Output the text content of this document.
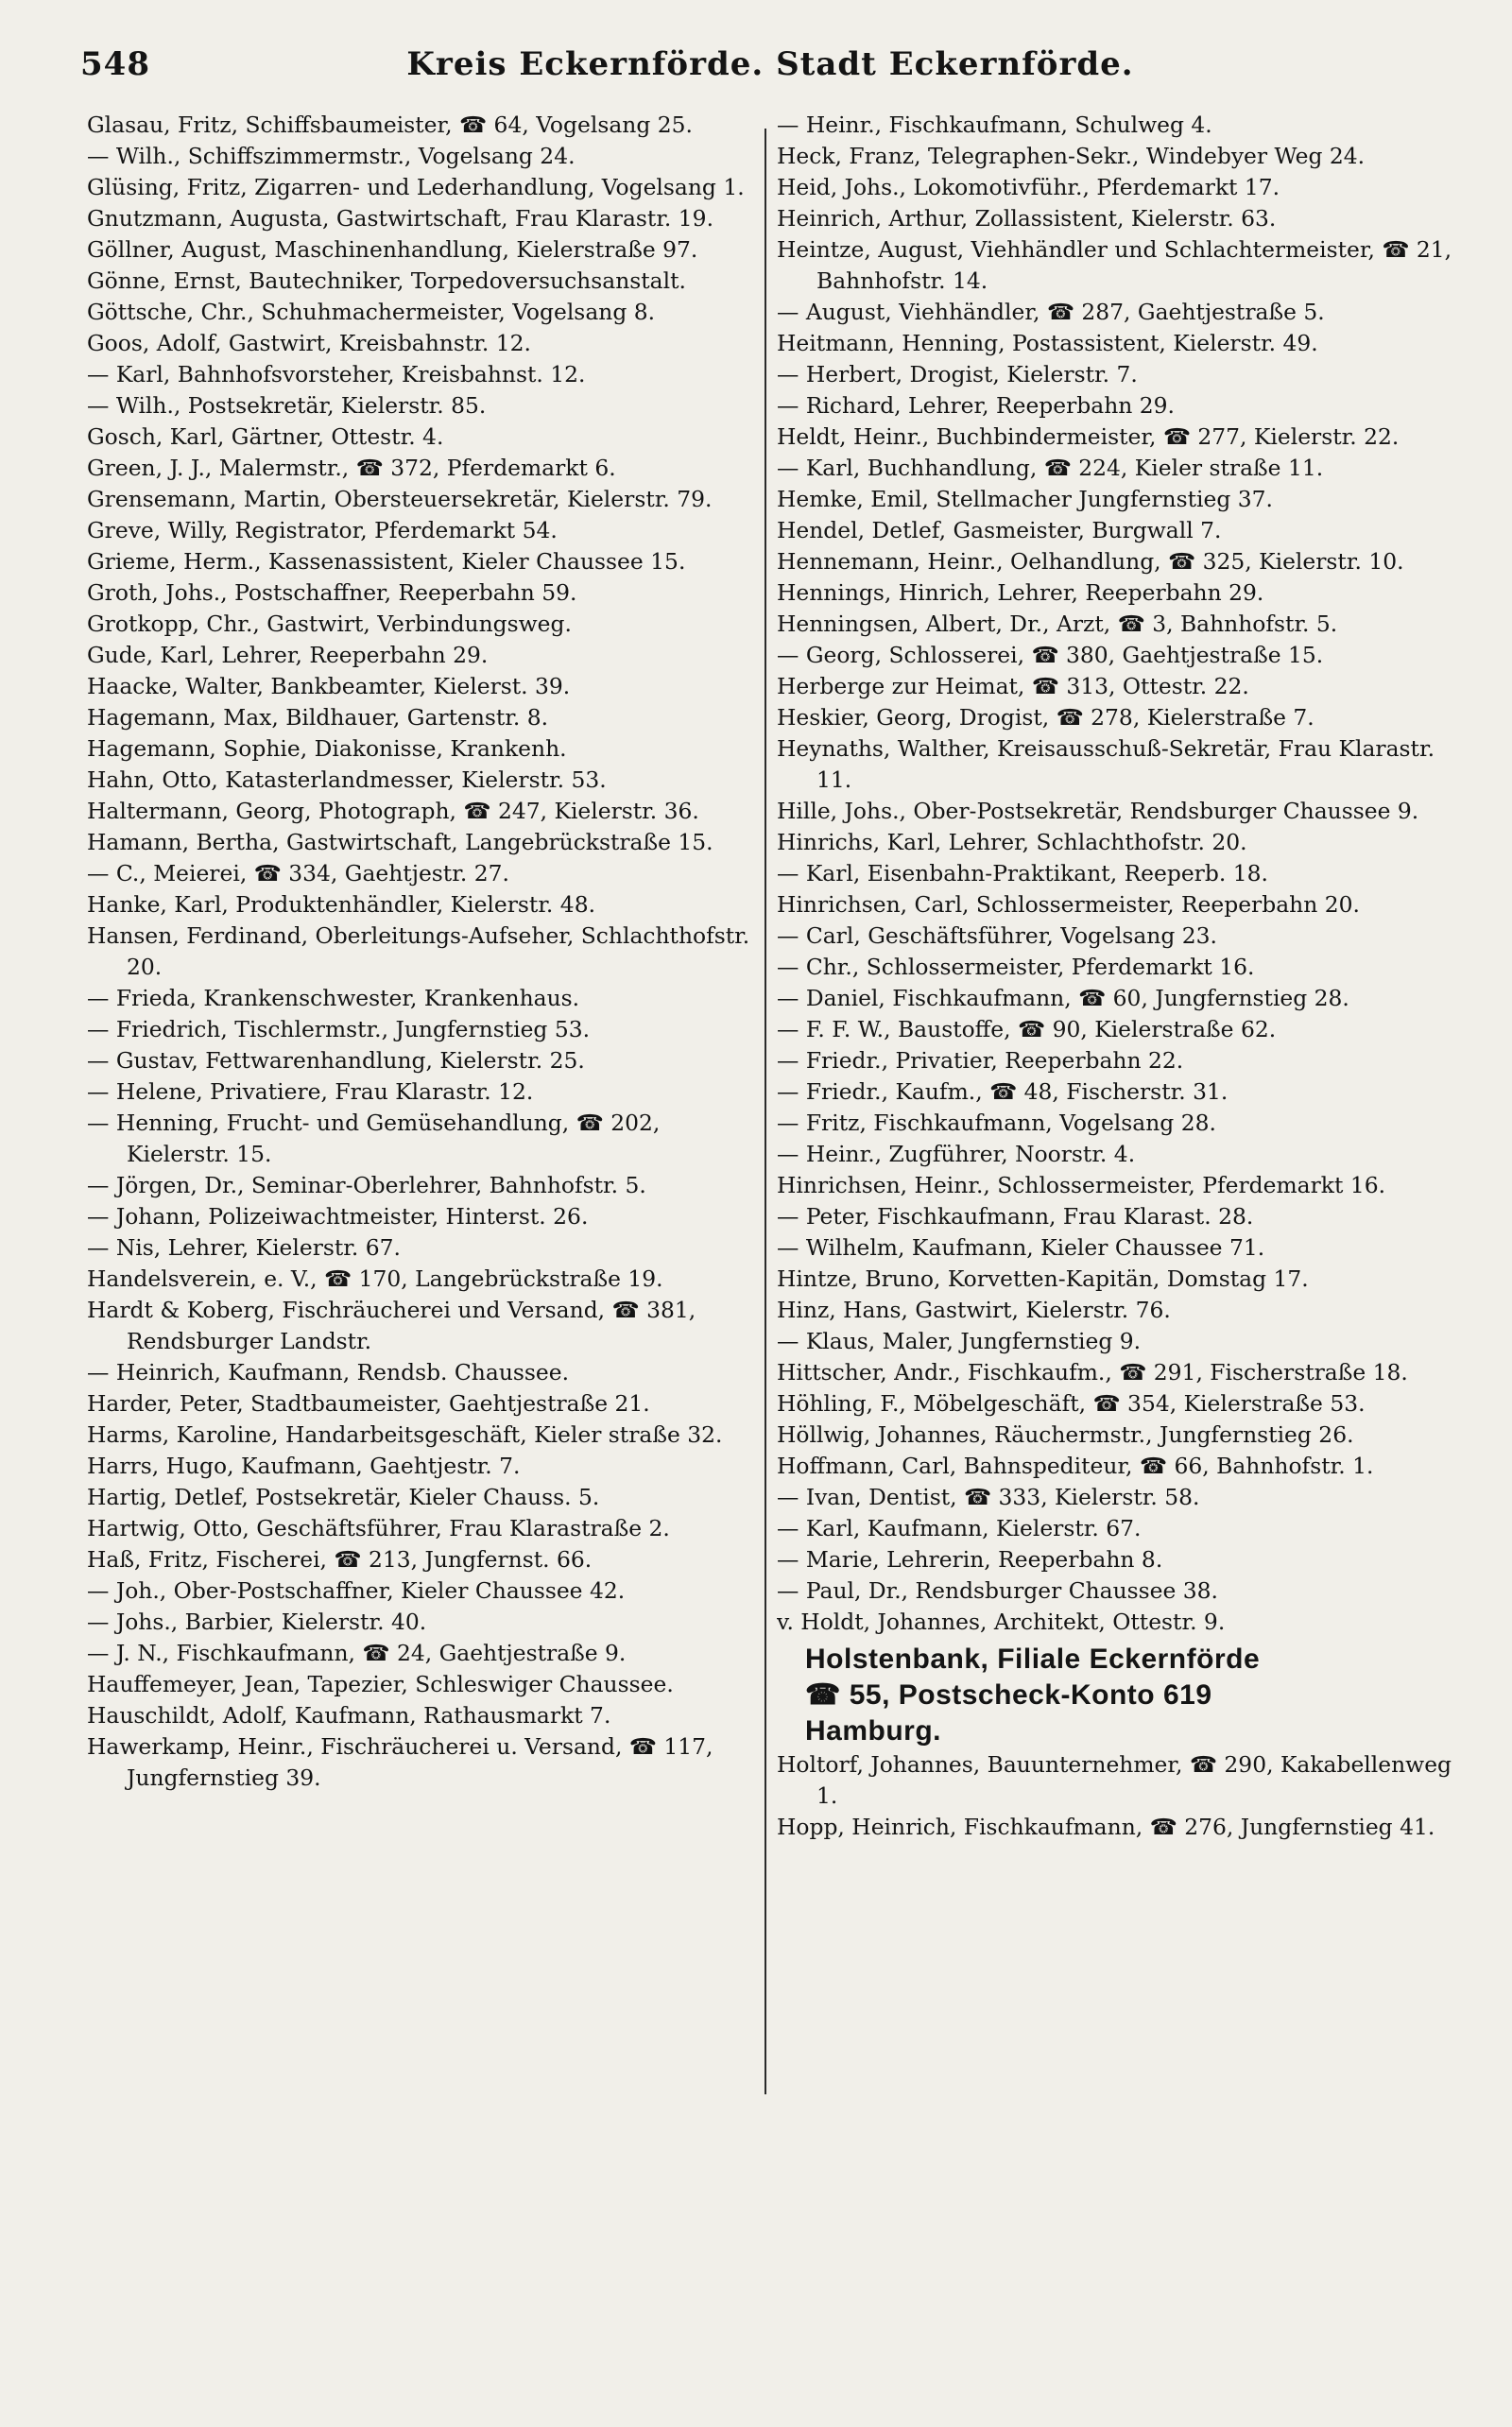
548	Kreis Eckernförde. Stadt Eckernförde.

Glasau, Fritz, Schiffsbaumeister, ☎ 64, Vogelsang 25.

— Wilh., Schiffszimmermstr., Vogelsang 24.

Glüsing, Fritz, Zigarren- und Lederhandlung, Vogelsang 1.

Gnutzmann, Augusta, Gastwirtschaft, Frau Klarastr. 19.

Göllner, August, Maschinenhandlung, Kielerstraße 97.

Gönne, Ernst, Bautechniker, Torpedoversuchsanstalt.

Göttsche, Chr., Schuhmachermeister, Vogelsang 8.

Goos, Adolf, Gastwirt, Kreisbahnstr. 12.

— Karl, Bahnhofsvorsteher, Kreisbahnst. 12.

— Wilh., Postsekretär, Kielerstr. 85.

Gosch, Karl, Gärtner, Ottestr. 4.

Green, J. J., Malermstr., ☎ 372, Pferdemarkt 6.

Grensemann, Martin, Obersteuersekretär, Kielerstr. 79.

Greve, Willy, Registrator, Pferdemarkt 54.

Grieme, Herm., Kassenassistent, Kieler Chaussee 15.

Groth, Johs., Postschaffner, Reeperbahn 59.

Grotkopp, Chr., Gastwirt, Verbindungsweg.

Gude, Karl, Lehrer, Reeperbahn 29.

Haacke, Walter, Bankbeamter, Kielerst. 39.

Hagemann, Max, Bildhauer, Gartenstr. 8.

Hagemann, Sophie, Diakonisse, Krankenh.

Hahn, Otto, Katasterlandmesser, Kielerstr. 53.

Haltermann, Georg, Photograph, ☎ 247, Kielerstr. 36.

Hamann, Bertha, Gastwirtschaft, Langebrückstraße 15.

— C., Meierei, ☎ 334, Gaehtjestr. 27.

Hanke, Karl, Produktenhändler, Kielerstr. 48.

Hansen, Ferdinand, Oberleitungs-Aufseher, Schlachthofstr. 20.

— Frieda, Krankenschwester, Krankenhaus.

— Friedrich, Tischlermstr., Jungfernstieg 53.

— Gustav, Fettwarenhandlung, Kielerstr. 25.

— Helene, Privatiere, Frau Klarastr. 12.

— Henning, Frucht- und Gemüsehandlung, ☎ 202, Kielerstr. 15.

— Jörgen, Dr., Seminar-Oberlehrer, Bahnhofstr. 5.

— Johann, Polizeiwachtmeister, Hinterst. 26.

— Nis, Lehrer, Kielerstr. 67.

Handelsverein, e. V., ☎ 170, Langebrückstraße 19.

Hardt & Koberg, Fischräucherei und Versand, ☎ 381, Rendsburger Landstr.

— Heinrich, Kaufmann, Rendsb. Chaussee.

Harder, Peter, Stadtbaumeister, Gaehtjestraße 21.

Harms, Karoline, Handarbeitsgeschäft, Kieler straße 32.

Harrs, Hugo, Kaufmann, Gaehtjestr. 7.

Hartig, Detlef, Postsekretär, Kieler Chauss. 5.

Hartwig, Otto, Geschäftsführer, Frau Klarastraße 2.

Haß, Fritz, Fischerei, ☎ 213, Jungfernst. 66.

— Joh., Ober-Postschaffner, Kieler Chaussee 42.

— Johs., Barbier, Kielerstr. 40.

— J. N., Fischkaufmann, ☎ 24, Gaehtjestraße 9.

Hauffemeyer, Jean, Tapezier, Schleswiger Chaussee.

Hauschildt, Adolf, Kaufmann, Rathausmarkt 7.

Hawerkamp, Heinr., Fischräucherei u. Versand, ☎ 117, Jungfernstieg 39.

— Heinr., Fischkaufmann, Schulweg 4.

Heck, Franz, Telegraphen-Sekr., Windebyer Weg 24.

Heid, Johs., Lokomotivführ., Pferdemarkt 17.

Heinrich, Arthur, Zollassistent, Kielerstr. 63.

Heintze, August, Viehhändler und Schlachtermeister, ☎ 21, Bahnhofstr. 14.

— August, Viehhändler, ☎ 287, Gaehtjestraße 5.

Heitmann, Henning, Postassistent, Kielerstr. 49.

— Herbert, Drogist, Kielerstr. 7.

— Richard, Lehrer, Reeperbahn 29.

Heldt, Heinr., Buchbindermeister, ☎ 277, Kielerstr. 22.

— Karl, Buchhandlung, ☎ 224, Kieler straße 11.

Hemke, Emil, Stellmacher Jungfernstieg 37.

Hendel, Detlef, Gasmeister, Burgwall 7.

Hennemann, Heinr., Oelhandlung, ☎ 325, Kielerstr. 10.

Hennings, Hinrich, Lehrer, Reeperbahn 29.

Henningsen, Albert, Dr., Arzt, ☎ 3, Bahnhofstr. 5.

— Georg, Schlosserei, ☎ 380, Gaehtjestraße 15.

Herberge zur Heimat, ☎ 313, Ottestr. 22.

Heskier, Georg, Drogist, ☎ 278, Kielerstraße 7.

Heynaths, Walther, Kreisausschuß-Sekretär, Frau Klarastr. 11.

Hille, Johs., Ober-Postsekretär, Rendsburger Chaussee 9.

Hinrichs, Karl, Lehrer, Schlachthofstr. 20.

— Karl, Eisenbahn-Praktikant, Reeperb. 18.

Hinrichsen, Carl, Schlossermeister, Reeperbahn 20.

— Carl, Geschäftsführer, Vogelsang 23.

— Chr., Schlossermeister, Pferdemarkt 16.

— Daniel, Fischkaufmann, ☎ 60, Jungfernstieg 28.

— F. F. W., Baustoffe, ☎ 90, Kielerstraße 62.

— Friedr., Privatier, Reeperbahn 22.

— Friedr., Kaufm., ☎ 48, Fischerstr. 31.

— Fritz, Fischkaufmann, Vogelsang 28.

— Heinr., Zugführer, Noorstr. 4.

Hinrichsen, Heinr., Schlossermeister, Pferdemarkt 16.

— Peter, Fischkaufmann, Frau Klarast. 28.

— Wilhelm, Kaufmann, Kieler Chaussee 71.

Hintze, Bruno, Korvetten-Kapitän, Domstag 17.

Hinz, Hans, Gastwirt, Kielerstr. 76.

— Klaus, Maler, Jungfernstieg 9.

Hittscher, Andr., Fischkaufm., ☎ 291, Fischerstraße 18.

Höhling, F., Möbelgeschäft, ☎ 354, Kielerstraße 53.

Höllwig, Johannes, Räuchermstr., Jungfernstieg 26.

Hoffmann, Carl, Bahnspediteur, ☎ 66, Bahnhofstr. 1.

— Ivan, Dentist, ☎ 333, Kielerstr. 58.

— Karl, Kaufmann, Kielerstr. 67.

— Marie, Lehrerin, Reeperbahn 8.

— Paul, Dr., Rendsburger Chaussee 38.

v. Holdt, Johannes, Architekt, Ottestr. 9.

Holstenbank, Filiale Eckernförde
☎ 55, Postscheck-Konto 619
Hamburg.

Holtorf, Johannes, Bauunternehmer, ☎ 290, Kakabellenweg 1.

Hopp, Heinrich, Fischkaufmann, ☎ 276, Jungfernstieg 41.
